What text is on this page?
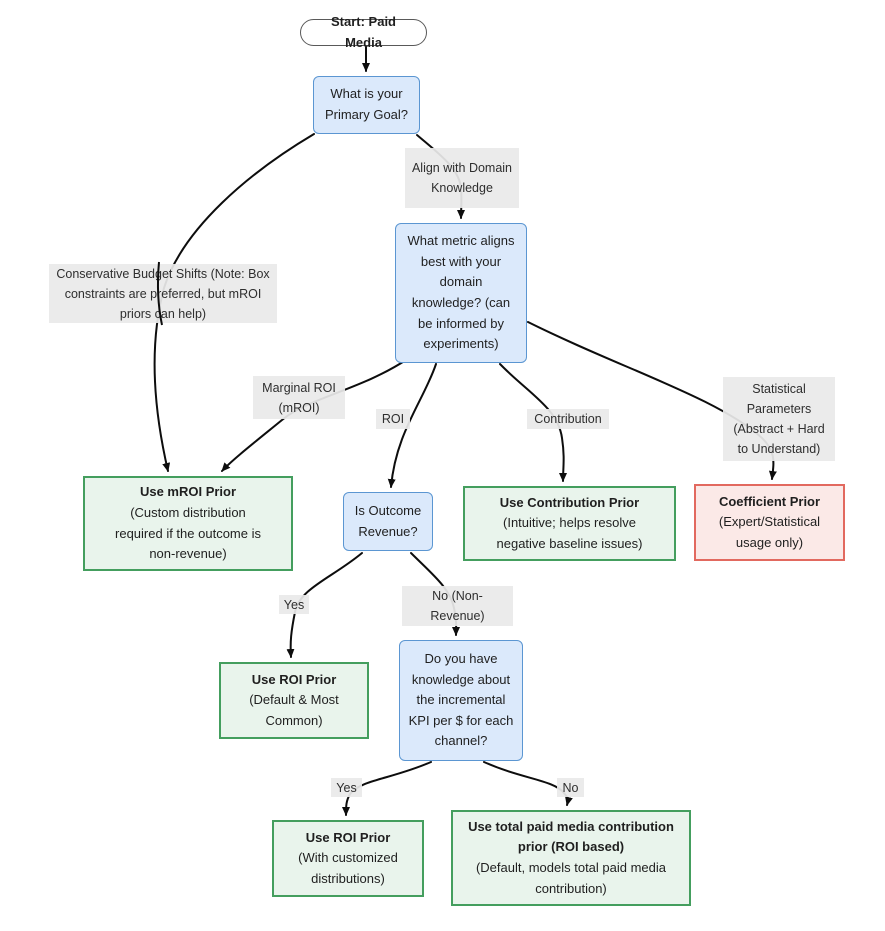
Conservative Budget Shifts (Note: Box constraints are preferred, but mROI priors can help)
Align with Domain Knowledge
Marginal ROI (mROI)
ROI	Contribution
Statistical Parameters (Abstract + Hard to Understand)
Yes
No (Non-Revenue)
Yes	No
Start: Paid Media
What is your Primary Goal?
What metric aligns best with your domain knowledge? (can be informed by experiments)
Use mROI Prior
(Custom distribution required if the outcome is non-revenue)
Is Outcome Revenue?
Use Contribution Prior
(Intuitive; helps resolve negative baseline issues)
Coefficient Prior
(Expert/Statistical usage only)
Use ROI Prior
(Default & Most Common)
Do you have knowledge about the incremental KPI per $ for each channel?
Use ROI Prior
(With customized distributions)
Use total paid media contribution prior (ROI based)
(Default, models total paid media contribution)
